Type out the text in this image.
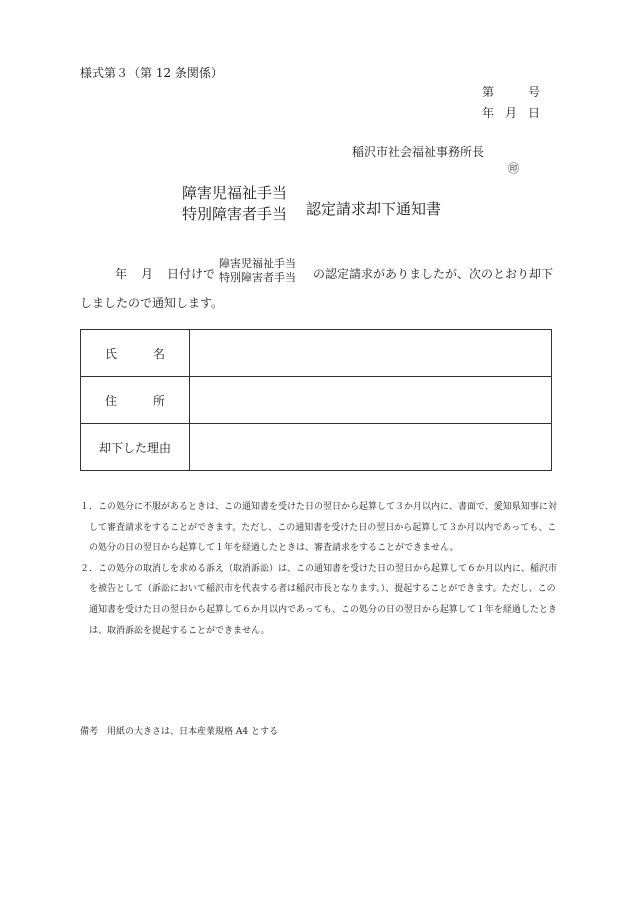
様式第３（第 12 条関係）
第	号
年 月 日
稲沢市社会福祉事務所長
㊞
障害児福祉手当
特別障害者手当 認定請求却下通知書
年 月 日付けで
障害児福祉手当
特別障害者手当 の認定請求がありましたが、次のとおり却下
しましたので通知します。
氏　　　名	
住　　　所	
却下した理由	
１．この処分に不服があるときは、この通知書を受けた日の翌日から起算して３か月以内に、書面で、愛知県知事に対
　して審査請求をすることができます。ただし、この通知書を受けた日の翌日から起算して３か月以内であっても、こ
　の処分の日の翌日から起算して１年を経過したときは、審査請求をすることができません。
２．この処分の取消しを求める訴え（取消訴訟）は、この通知書を受けた日の翌日から起算して６か月以内に、稲沢市
　を被告として（訴訟において稲沢市を代表する者は稲沢市長となります。）、提起することができます。ただし、この
　通知書を受けた日の翌日から起算して６か月以内であっても、この処分の日の翌日から起算して１年を経過したとき
　は、取消訴訟を提起することができません。
備考　用紙の大きさは、日本産業規格 A4 とする
